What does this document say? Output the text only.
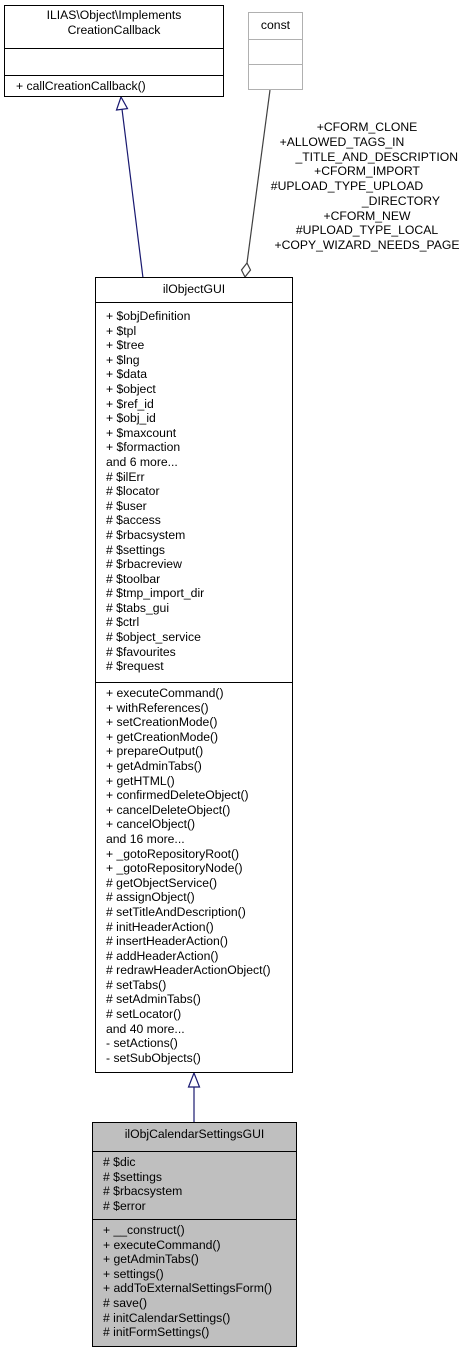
ILIAS\Object\Implements
CreationCallback
+ callCreationCallback()
const
+CFORM_CLONE
+ALLOWED_TAGS_IN
_TITLE_AND_DESCRIPTION
+CFORM_IMPORT
#UPLOAD_TYPE_UPLOAD
_DIRECTORY
+CFORM_NEW
#UPLOAD_TYPE_LOCAL
+COPY_WIZARD_NEEDS_PAGE
ilObjectGUI
+ $objDefinition
+ $tpl
+ $tree
+ $lng
+ $data
+ $object
+ $ref_id
+ $obj_id
+ $maxcount
+ $formaction
and 6 more...
# $ilErr
# $locator
# $user
# $access
# $rbacsystem
# $settings
# $rbacreview
# $toolbar
# $tmp_import_dir
# $tabs_gui
# $ctrl
# $object_service
# $favourites
# $request
+ executeCommand()
+ withReferences()
+ setCreationMode()
+ getCreationMode()
+ prepareOutput()
+ getAdminTabs()
+ getHTML()
+ confirmedDeleteObject()
+ cancelDeleteObject()
+ cancelObject()
and 16 more...
+ _gotoRepositoryRoot()
+ _gotoRepositoryNode()
# getObjectService()
# assignObject()
# setTitleAndDescription()
# initHeaderAction()
# insertHeaderAction()
# addHeaderAction()
# redrawHeaderActionObject()
# setTabs()
# setAdminTabs()
# setLocator()
and 40 more...
- setActions()
- setSubObjects()
ilObjCalendarSettingsGUI
# $dic
# $settings
# $rbacsystem
# $error
+ __construct()
+ executeCommand()
+ getAdminTabs()
+ settings()
+ addToExternalSettingsForm()
# save()
# initCalendarSettings()
# initFormSettings()
